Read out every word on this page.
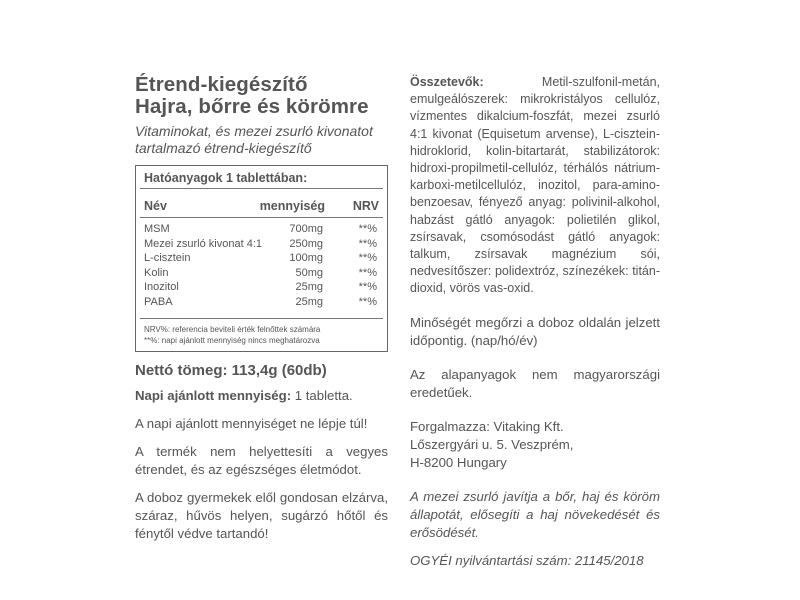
Étrend-kiegészítő
Hajra, bőrre és körömre
Vitaminokat, és mezei zsurló kivonatot tartalmazó étrend-kiegészítő
Hatóanyagok 1 tablettában:
Név	mennyiség	NRV
MSM	700mg	**%
Mezei zsurló kivonat 4:1	250mg	**%
L-cisztein	100mg	**%
Kolin	50mg	**%
Inozitol	25mg	**%
PABA	25mg	**%
NRV%: referencia beviteli érték felnőttek számára
**%: napi ajánlott mennyiség nincs meghatározva
Nettó tömeg: 113,4g (60db)
Napi ajánlott mennyiség: 1 tabletta.
A napi ajánlott mennyiséget ne lépje túl!
A termék nem helyettesíti a vegyes étrendet, és az egészséges életmódot.
A doboz gyermekek elől gondosan elzárva, száraz, hűvös helyen, sugárzó hőtől és fénytől védve tartandó!

Összetevők:	Metil-szulfonil-metán, emulgeálószerek: mikrokristályos cellulóz, vízmentes dikalcium-foszfát, mezei zsurló 4:1 kivonat (Equisetum arvense), L-cisztein-hidroklorid, kolin-bitartarát, stabilizátorok: hidroxi-propilmetil-cellulóz, térhálós nátrium-karboxi-metilcellulóz, inozitol, para-amino-benzoesav, fényező anyag: polivinil-alkohol, habzást gátló anyagok: polietilén glikol, zsírsavak, csomósodást gátló anyagok: talkum, zsírsavak magnézium sói, nedvesítőszer: polidextróz, színezékek: titán-dioxid, vörös vas-oxid.

Minőségét megőrzi a doboz oldalán jelzett időpontig. (nap/hó/év)
Az alapanyagok nem magyarországi eredetűek.
Forgalmazza: Vitaking Kft.
Lőszergyári u. 5. Veszprém,
H-8200 Hungary
A mezei zsurló javítja a bőr, haj és köröm állapotát, elősegíti a haj növekedését és erősödését.
OGYÉI nyilvántartási szám: 21145/2018
